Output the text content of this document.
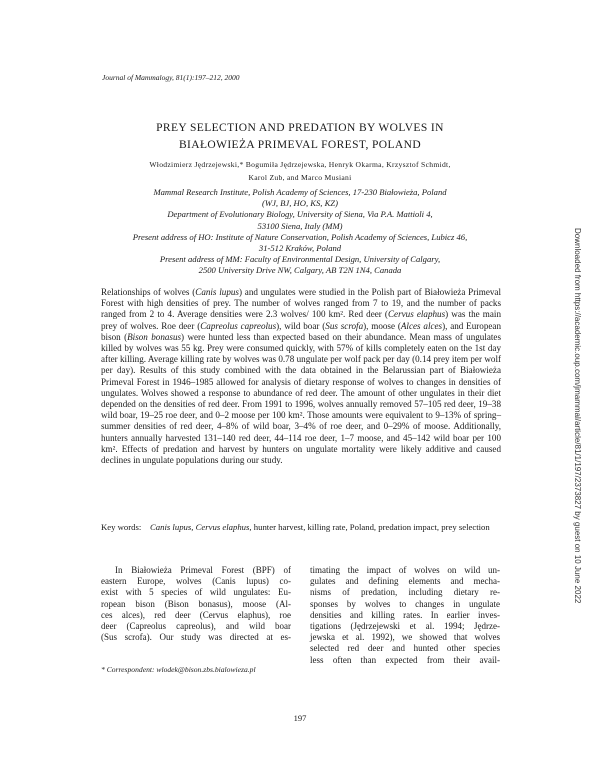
Journal of Mammalogy, 81(1):197–212, 2000
PREY SELECTION AND PREDATION BY WOLVES IN
BIAŁOWIEŻA PRIMEVAL FOREST, POLAND
Włodzimierz Jędrzejewski,* Bogumiła Jędrzejewska, Henryk Okarma, Krzysztof Schmidt,
Karol Zub, and Marco Musiani
Mammal Research Institute, Polish Academy of Sciences, 17-230 Białowieża, Poland
(WJ, BJ, HO, KS, KZ)
Department of Evolutionary Biology, University of Siena, Via P.A. Mattioli 4,
53100 Siena, Italy (MM)
Present address of HO: Institute of Nature Conservation, Polish Academy of Sciences, Lubicz 46,
31-512 Kraków, Poland
Present address of MM: Faculty of Environmental Design, University of Calgary,
2500 University Drive NW, Calgary, AB T2N 1N4, Canada
Relationships of wolves (Canis lupus) and ungulates were studied in the Polish part of Białowieża Primeval Forest with high densities of prey. The number of wolves ranged from 7 to 19, and the number of packs ranged from 2 to 4. Average densities were 2.3 wolves/ 100 km². Red deer (Cervus elaphus) was the main prey of wolves. Roe deer (Capreolus capreolus), wild boar (Sus scrofa), moose (Alces alces), and European bison (Bison bonasus) were hunted less than expected based on their abundance. Mean mass of ungulates killed by wolves was 55 kg. Prey were consumed quickly, with 57% of kills completely eaten on the 1st day after killing. Average killing rate by wolves was 0.78 ungulate per wolf pack per day (0.14 prey item per wolf per day). Results of this study combined with the data obtained in the Belarussian part of Białowieża Primeval Forest in 1946–1985 allowed for analysis of dietary response of wolves to changes in densities of ungulates. Wolves showed a response to abundance of red deer. The amount of other ungulates in their diet depended on the densities of red deer. From 1991 to 1996, wolves annually removed 57–105 red deer, 19–38 wild boar, 19–25 roe deer, and 0–2 moose per 100 km². Those amounts were equivalent to 9–13% of spring–summer densities of red deer, 4–8% of wild boar, 3–4% of roe deer, and 0–29% of moose. Additionally, hunters annually harvested 131–140 red deer, 44–114 roe deer, 1–7 moose, and 45–142 wild boar per 100 km². Effects of predation and harvest by hunters on ungulate mortality were likely additive and caused declines in ungulate populations during our study.
Key words: Canis lupus, Cervus elaphus, hunter harvest, killing rate, Poland, predation impact, prey selection
In Białowieża Primeval Forest (BPF) of
eastern Europe, wolves (Canis lupus) co-
exist with 5 species of wild ungulates: Eu-
ropean bison (Bison bonasus), moose (Al-
ces alces), red deer (Cervus elaphus), roe
deer (Capreolus capreolus), and wild boar
(Sus scrofa). Our study was directed at es-
timating the impact of wolves on wild un-
gulates and defining elements and mecha-
nisms of predation, including dietary re-
sponses by wolves to changes in ungulate
densities and killing rates. In earlier inves-
tigations (Jędrzejewski et al. 1994; Jędrze-
jewska et al. 1992), we showed that wolves
selected red deer and hunted other species
less often than expected from their avail-
* Correspondent: wlodek@bison.zbs.bialowieza.pl
197
Downloaded from https://academic.oup.com/jmammal/article/81/1/197/2373827 by guest on 10 June 2022
